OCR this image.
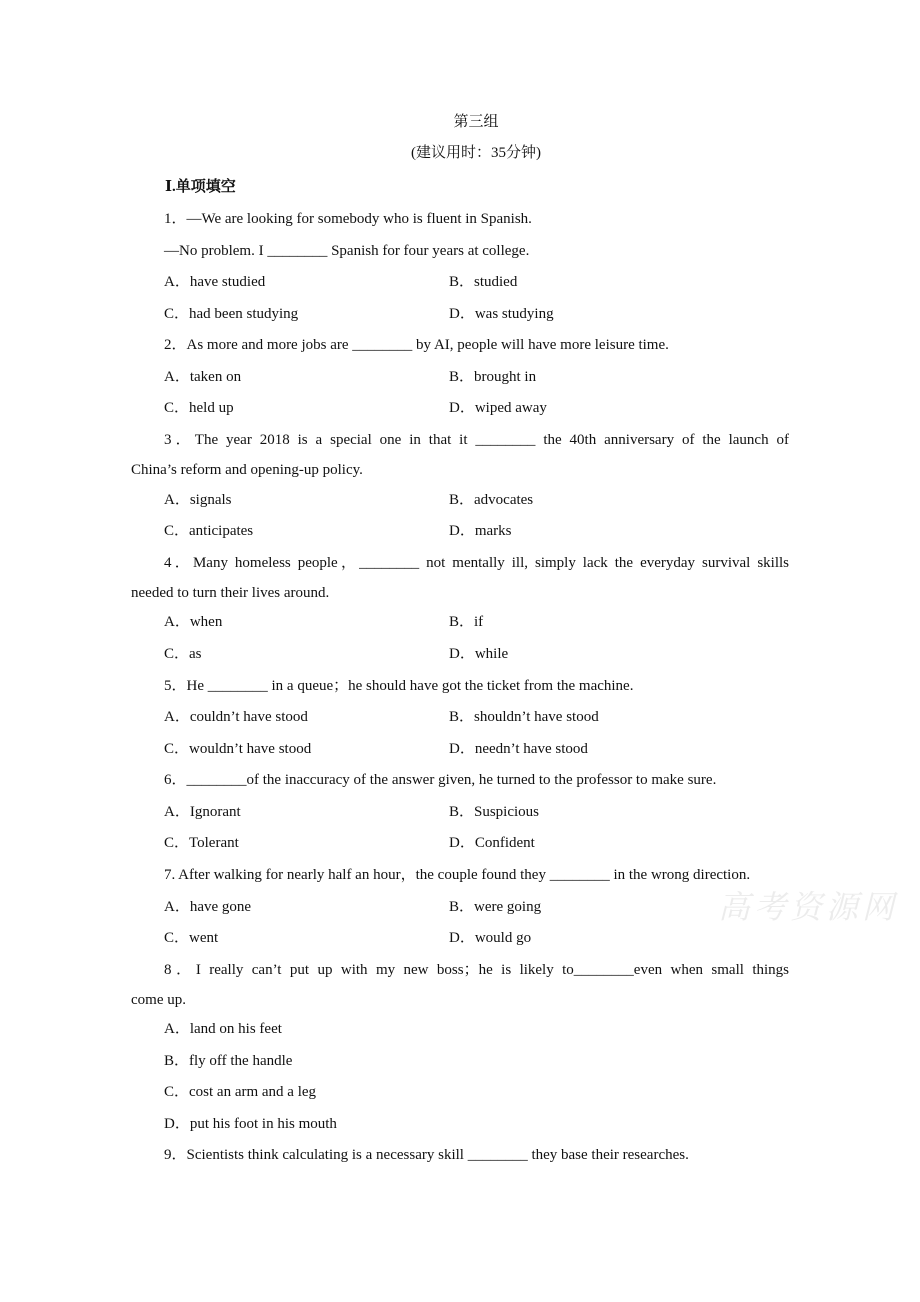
第三组
(建议用时：35分钟)
Ⅰ.单项填空
1．—We are looking for somebody who is fluent in Spanish.
—No problem. I ________ Spanish for four years at college.
A．have studied	B．studied
C．had been studying	D．was studying
2．As more and more jobs are ________ by AI, people will have more leisure time.
A．taken on	B．brought in
C．held up	D．wiped away
3．The year 2018 is a special one in that it ________ the 40th anniversary of the launch of
China’s reform and opening-up policy.
A．signals	B．advocates
C．anticipates	D．marks
4．Many homeless people，________ not mentally ill, simply lack the everyday survival skills
needed to turn their lives around.
A．when	B．if
C．as	D．while
5．He ________ in a queue；he should have got the ticket from the machine.
A．couldn’t have stood	B．shouldn’t have stood
C．wouldn’t have stood	D．needn’t have stood
6．________of the inaccuracy of the answer given, he turned to the professor to make sure.
A．Ignorant	B．Suspicious
C．Tolerant	D．Confident
7. After walking for nearly half an hour，the couple found they ________ in the wrong direction.
A．have gone	B．were going
C．went	D．would go
8．I really can’t put up with my new boss；he is likely to________even when small things
come up.
A．land on his feet
B．fly off the handle
C．cost an arm and a leg
D．put his foot in his mouth
9．Scientists think calculating is a necessary skill ________ they base their researches.
高考资源网
